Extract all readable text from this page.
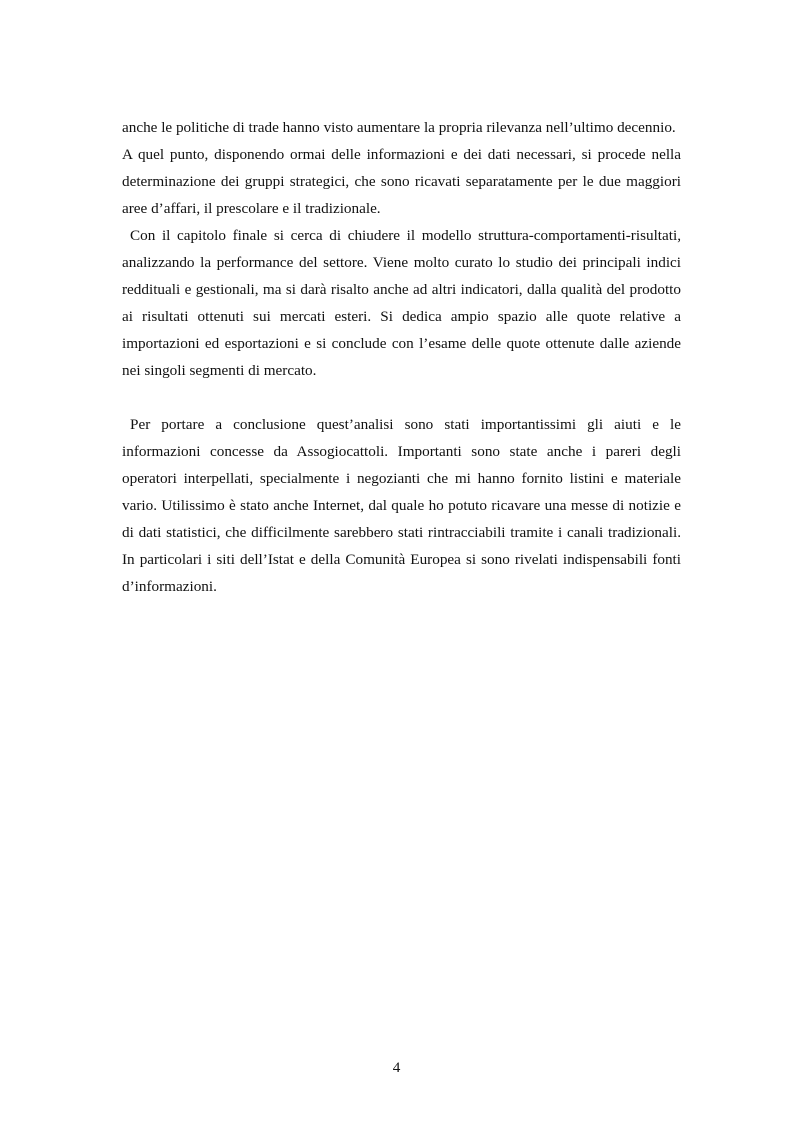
anche le politiche di trade hanno visto aumentare la propria rilevanza nell’ultimo decennio.

A quel punto, disponendo ormai delle informazioni e dei dati necessari, si procede nella determinazione dei gruppi strategici, che sono ricavati separatamente per le due maggiori aree d’affari, il prescolare e il tradizionale.

Con il capitolo finale si cerca di chiudere il modello struttura-comportamenti-risultati, analizzando la performance del settore. Viene molto curato lo studio dei principali indici reddituali e gestionali, ma si darà risalto anche ad altri indicatori, dalla qualità del prodotto ai risultati ottenuti sui mercati esteri. Si dedica ampio spazio alle quote relative a importazioni ed esportazioni e si conclude con l’esame delle quote ottenute dalle aziende nei singoli segmenti di mercato.

Per portare a conclusione quest’analisi sono stati importantissimi gli aiuti e le informazioni concesse da Assogiocattoli. Importanti sono state anche i pareri degli operatori interpellati, specialmente i negozianti che mi hanno fornito listini e materiale vario. Utilissimo è stato anche Internet, dal quale ho potuto ricavare una messe di notizie e di dati statistici, che difficilmente sarebbero stati rintracciabili tramite i canali tradizionali. In particolari i siti dell’Istat e della Comunità Europea si sono rivelati indispensabili fonti d’informazioni.

4
